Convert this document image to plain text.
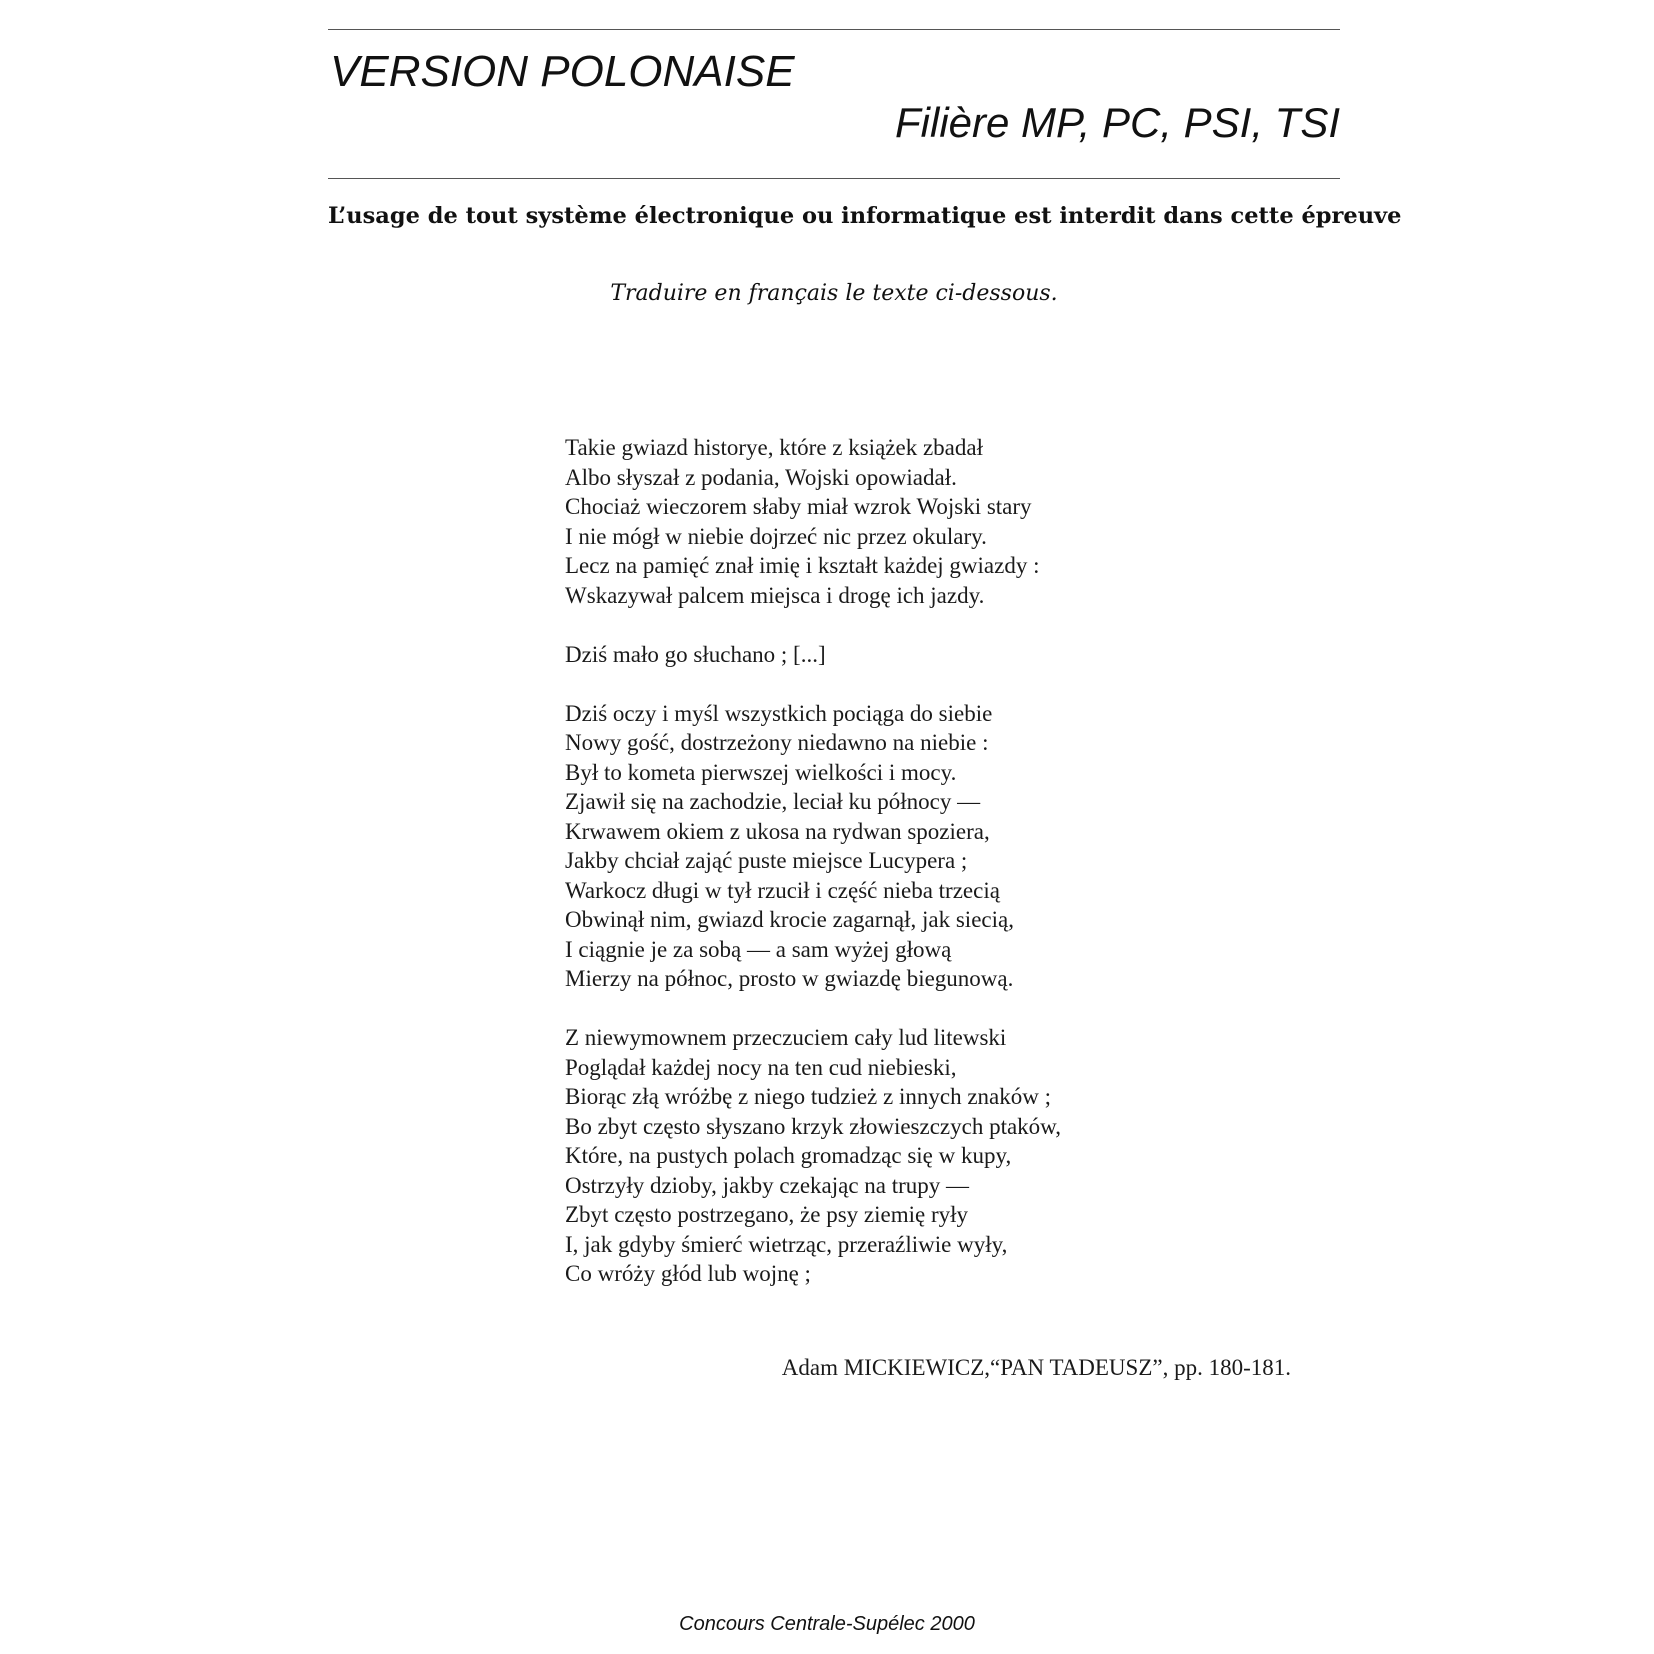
VERSION POLONAISE
Filière MP, PC, PSI, TSI
L’usage de tout système électronique ou informatique est interdit dans cette épreuve
Traduire en français le texte ci-dessous.

Takie gwiazd historye, które z książek zbadał
Albo słyszał z podania, Wojski opowiadał.
Chociaż wieczorem słaby miał wzrok Wojski stary
I nie mógł w niebie dojrzeć nic przez okulary.
Lecz na pamięć znał imię i kształt każdej gwiazdy :
Wskazywał palcem miejsca i drogę ich jazdy.

Dziś mało go słuchano ; [...]

Dziś oczy i myśl wszystkich pociąga do siebie
Nowy gość, dostrzeżony niedawno na niebie :
Był to kometa pierwszej wielkości i mocy.
Zjawił się na zachodzie, leciał ku północy —
Krwawem okiem z ukosa na rydwan spoziera,
Jakby chciał zająć puste miejsce Lucypera ;
Warkocz długi w tył rzucił i część nieba trzecią
Obwinął nim, gwiazd krocie zagarnął, jak siecią,
I ciągnie je za sobą — a sam wyżej głową
Mierzy na północ, prosto w gwiazdę biegunową.

Z niewymownem przeczuciem cały lud litewski
Poglądał każdej nocy na ten cud niebieski,
Biorąc złą wróżbę z niego tudzież z innych znaków ;
Bo zbyt często słyszano krzyk złowieszczych ptaków,
Które, na pustych polach gromadząc się w kupy,
Ostrzyły dzioby, jakby czekając na trupy —
Zbyt często postrzegano, że psy ziemię ryły
I, jak gdyby śmierć wietrząc, przeraźliwie wyły,
Co wróży głód lub wojnę ;

Adam MICKIEWICZ,“PAN TADEUSZ”, pp. 180-181.
Concours Centrale-Supélec 2000
